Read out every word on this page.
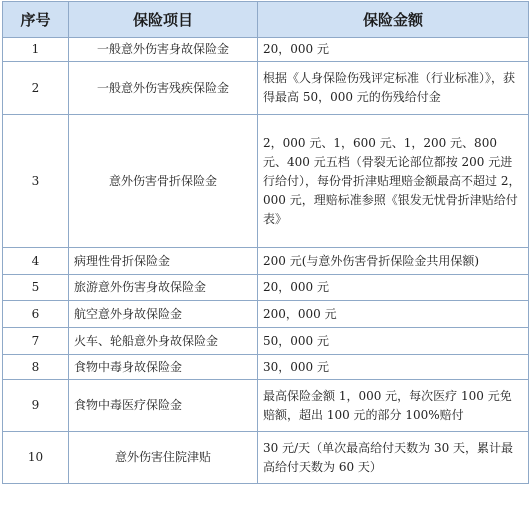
序号	保险项目	保险金额
1	一般意外伤害身故保险金	20，000 元
2	一般意外伤害残疾保险金	根据《人身保险伤残评定标准（行业标准）》，获得最高 50，000 元的伤残给付金
3	意外伤害骨折保险金	2，000 元、1，600 元、1，200 元、800 元、400 元五档（骨裂无论部位都按 200 元进行给付），每份骨折津贴理赔金额最高不超过 2，000 元，理赔标准参照《银发无忧骨折津贴给付表》
4	病理性骨折保险金	200 元(与意外伤害骨折保险金共用保额)
5	旅游意外伤害身故保险金	20，000 元
6	航空意外身故保险金	200，000 元
7	火车、轮船意外身故保险金	50，000 元
8	食物中毒身故保险金	30，000 元
9	食物中毒医疗保险金	最高保险金额 1，000 元，每次医疗 100 元免赔额，超出 100 元的部分 100%赔付
10	意外伤害住院津贴	30 元/天（单次最高给付天数为 30 天，累计最高给付天数为 60 天）
